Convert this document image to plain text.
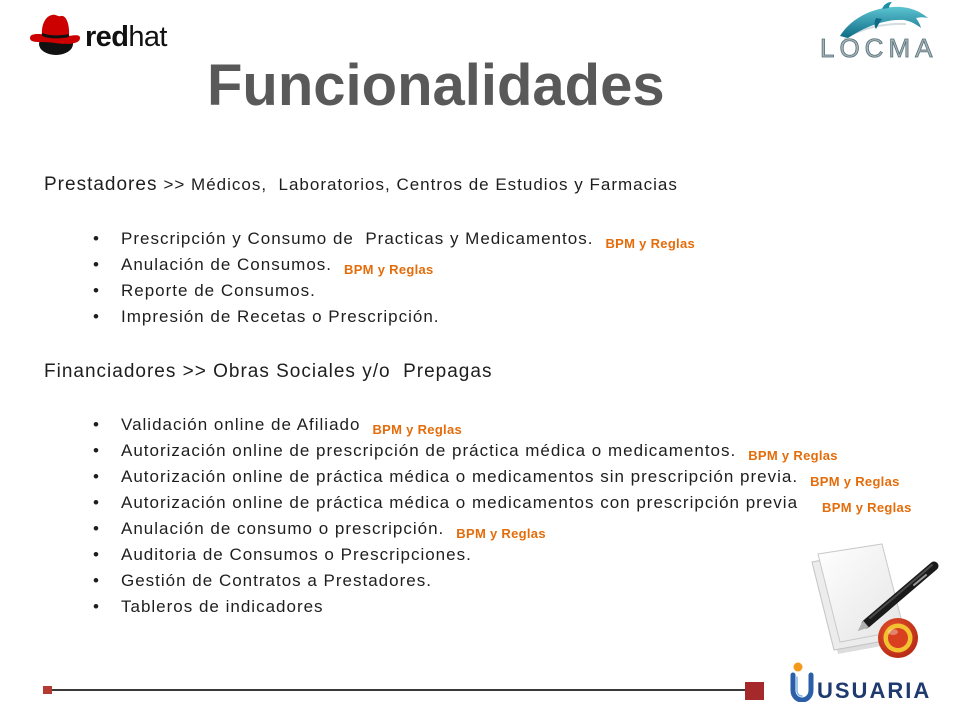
redhat	LOCMA
Funcionalidades
Prestadores >> Médicos,  Laboratorios, Centros de Estudios y Farmacias
• Prescripción y Consumo de  Practicas y Medicamentos. $_{BPM y Reglas}$
• Anulación de Consumos. $_{BPM y Reglas}$
• Reporte de Consumos.
• Impresión de Recetas o Prescripción.
Financiadores >> Obras Sociales y/o  Prepagas
• Validación online de Afiliado $_{BPM y Reglas}$
• Autorización online de prescripción de práctica médica o medicamentos. $_{BPM y Reglas}$
• Autorización online de práctica médica o medicamentos sin prescripción previa. $_{BPM y Reglas}$
• Autorización online de práctica médica o medicamentos con prescripción previa $_{BPM y Reglas}$
• Anulación de consumo o prescripción. $_{BPM y Reglas}$
• Auditoria de Consumos o Prescripciones.
• Gestión de Contratos a Prestadores.
• Tableros de indicadores
USUARIA
